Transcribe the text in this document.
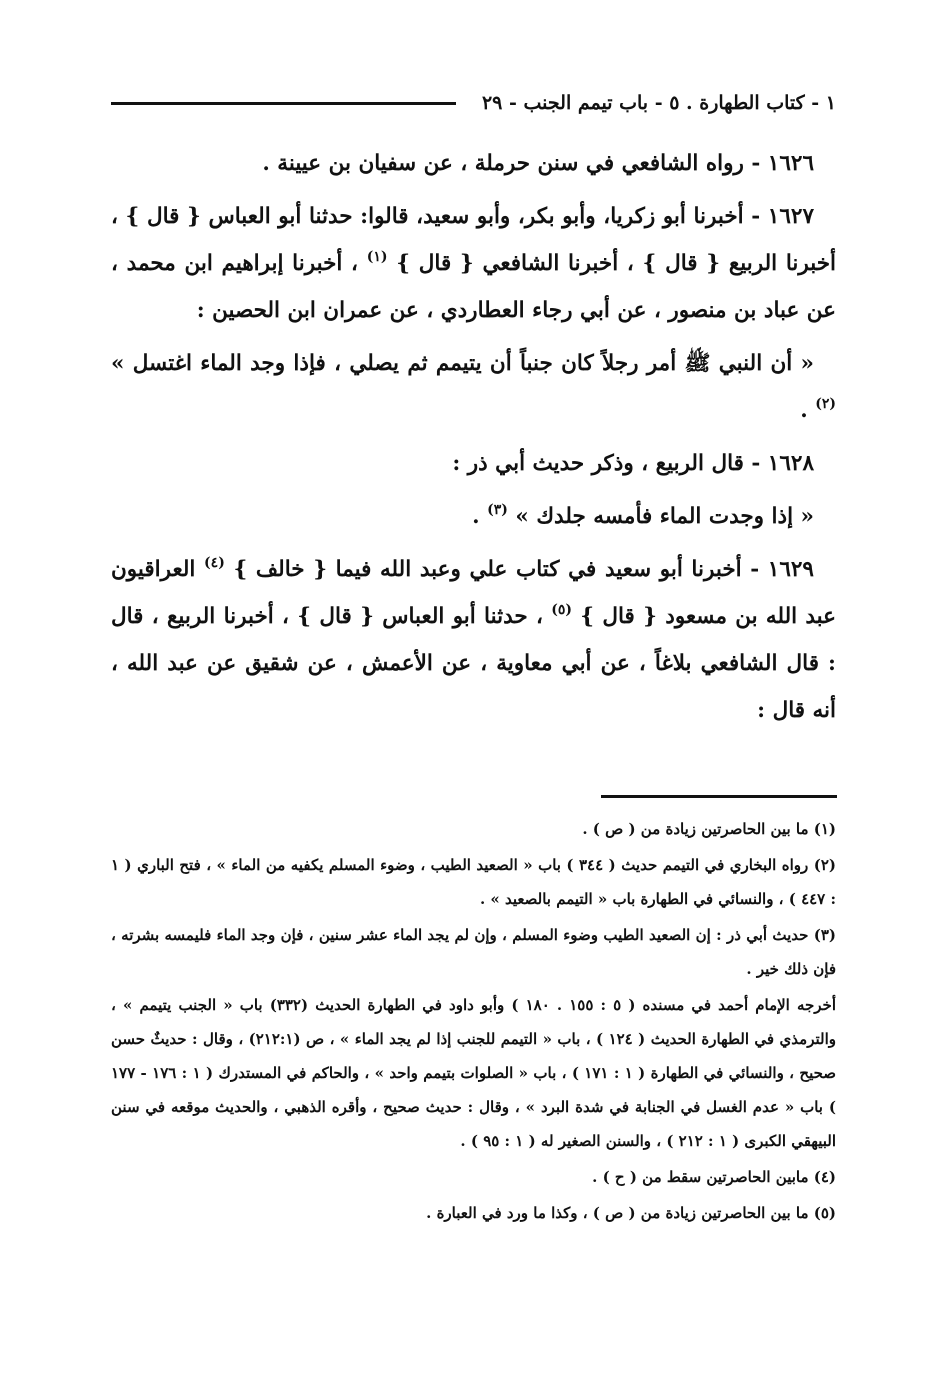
١ - كتاب الطهارة . ٥ - باب تيمم الجنب - ٢٩

١٦٢٦ - رواه الشافعي في سنن حرملة ، عن سفيان بن عيينة .

١٦٢٧ - أخبرنا أبو زكريا، وأبو بكر، وأبو سعيد، قالوا: حدثنا أبو العباس { قال } ، أخبرنا الربيع { قال } ، أخبرنا الشافعي { قال } $^{(١)}$ ، أخبرنا إبراهيم ابن محمد ، عن عباد بن منصور ، عن أبي رجاء العطاردي ، عن عمران ابن الحصين :

« أن النبي ﷺ أمر رجلاً كان جنباً أن يتيمم ثم يصلي ، فإذا وجد الماء اغتسل » $^{(٢)}$ .

١٦٢٨ - قال الربيع ، وذكر حديث أبي ذر :

« إذا وجدت الماء فأمسه جلدك » $^{(٣)}$ .

١٦٢٩ - أخبرنا أبو سعيد في كتاب علي وعبد الله فيما { خالف } $^{(٤)}$ العراقيون عبد الله بن مسعود { قال } $^{(٥)}$ ، حدثنا أبو العباس { قال } ، أخبرنا الربيع ، قال : قال الشافعي بلاغاً ، عن أبي معاوية ، عن الأعمش ، عن شقيق عن عبد الله ، أنه قال :

(١) ما بين الحاصرتين زيادة من ( ص ) .

(٢) رواه البخاري في التيمم حديث ( ٣٤٤ ) باب « الصعيد الطيب ، وضوء المسلم يكفيه من الماء » ، فتح الباري ( ١ : ٤٤٧ ) ، والنسائي في الطهارة باب « التيمم بالصعيد » .

(٣) حديث أبي ذر : إن الصعيد الطيب وضوء المسلم ، وإن لم يجد الماء عشر سنين ، فإن وجد الماء فليمسه بشرته ، فإن ذلك خير .

أخرجه الإمام أحمد في مسنده ( ٥ : ١٥٥ . ١٨٠ ) وأبو داود في الطهارة الحديث (٣٣٢) باب « الجنب يتيمم » ، والترمذي في الطهارة الحديث ( ١٢٤ ) ، باب « التيمم للجنب إذا لم يجد الماء » ، ص (٢١٢:١) ، وقال : حديثٌ حسن صحيح ، والنسائي في الطهارة ( ١ : ١٧١ ) ، باب « الصلوات بتيمم واحد » ، والحاكم في المستدرك ( ١ : ١٧٦ - ١٧٧ ) باب « عدم الغسل في الجنابة في شدة البرد » ، وقال : حديث صحيح ، وأقره الذهبي ، والحديث موقعه في سنن البيهقي الكبرى ( ١ : ٢١٢ ) ، والسنن الصغير له ( ١ : ٩٥ ) .

(٤) مابين الحاصرتين سقط من ( ح ) .

(٥) ما بين الحاصرتين زيادة من ( ص ) ، وكذا ما ورد في العبارة .
